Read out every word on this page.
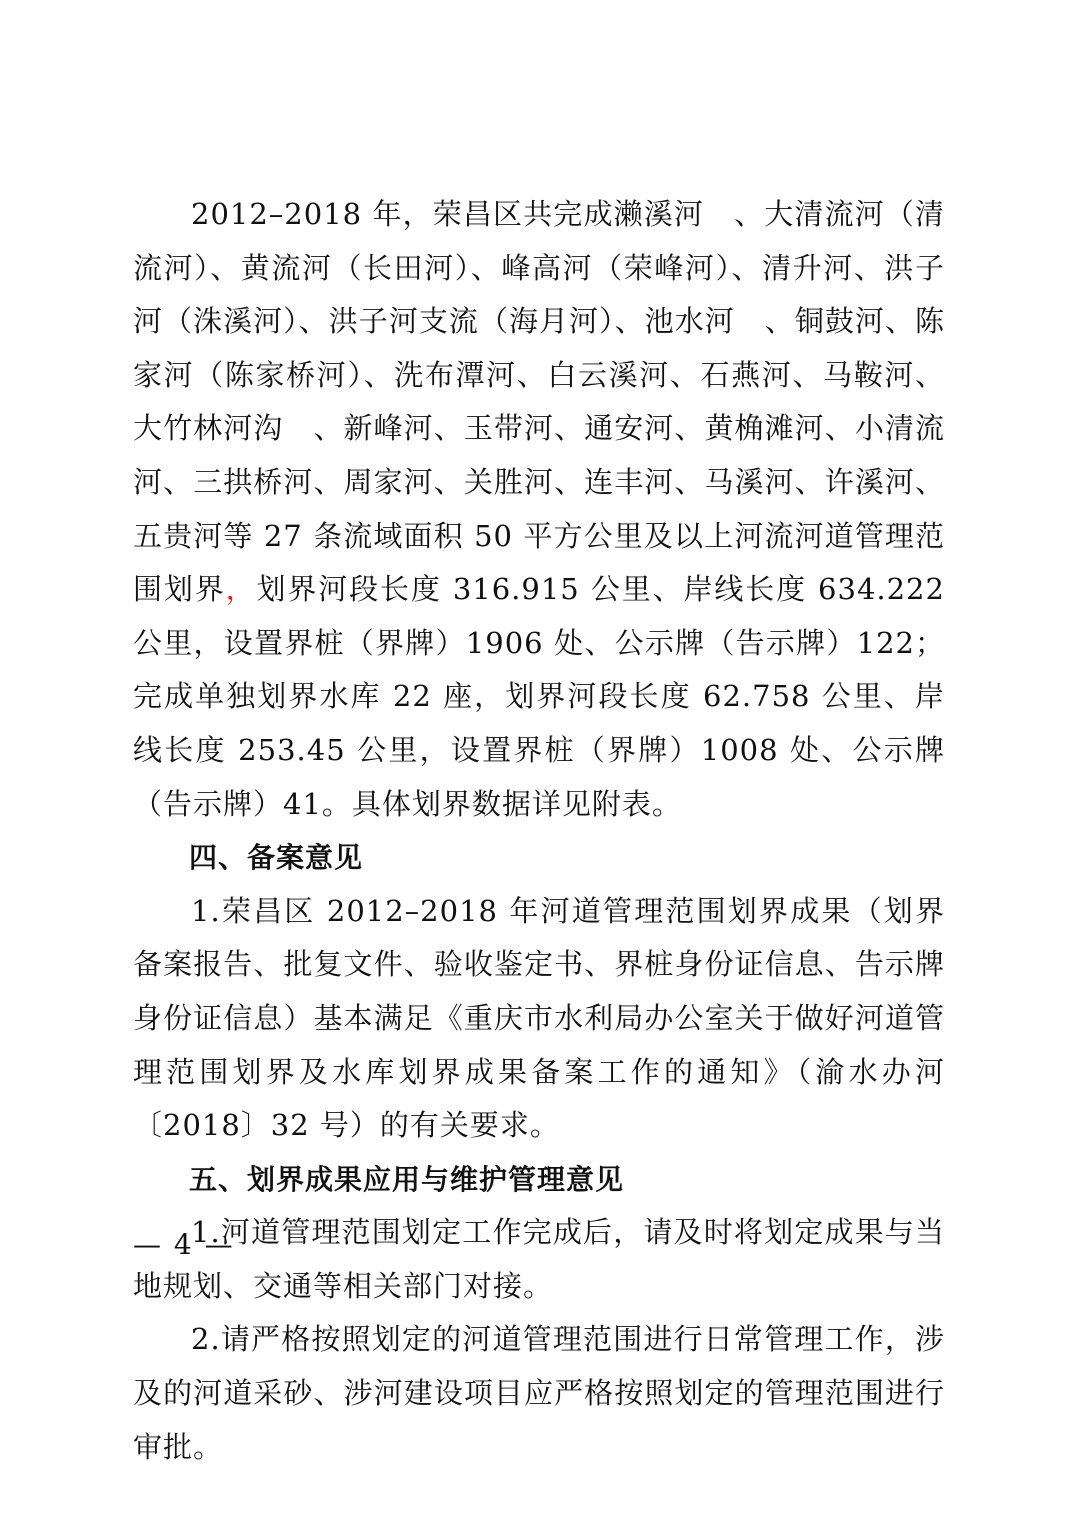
2012–2018 年，荣昌区共完成濑溪河　、大清流河（清流河）、黄流河（长田河）、峰高河（荣峰河）、清升河、洪子河（洙溪河）、洪子河支流（海月河）、池水河　、铜鼓河、陈家河（陈家桥河）、洗布潭河、白云溪河、石燕河、马鞍河、大竹林河沟　、新峰河、玉带河、通安河、黄桷滩河、小清流河、三拱桥河、周家河、关胜河、连丰河、马溪河、许溪河、五贵河等 27 条流域面积 50 平方公里及以上河流河道管理范围划界，划界河段长度 316.915 公里、岸线长度 634.222 公里，设置界桩（界牌）1906 处、公示牌（告示牌）122；完成单独划界水库 22 座，划界河段长度 62.758 公里、岸线长度 253.45 公里，设置界桩（界牌）1008 处、公示牌（告示牌）41。具体划界数据详见附表。

四、备案意见

1.荣昌区 2012–2018 年河道管理范围划界成果（划界备案报告、批复文件、验收鉴定书、界桩身份证信息、告示牌身份证信息）基本满足《重庆市水利局办公室关于做好河道管理范围划界及水库划界成果备案工作的通知》（渝水办河〔2018〕32 号）的有关要求。

五、划界成果应用与维护管理意见

1.河道管理范围划定工作完成后，请及时将划定成果与当地规划、交通等相关部门对接。

2.请严格按照划定的河道管理范围进行日常管理工作，涉及的河道采砂、涉河建设项目应严格按照划定的管理范围进行审批。

— 4 —
